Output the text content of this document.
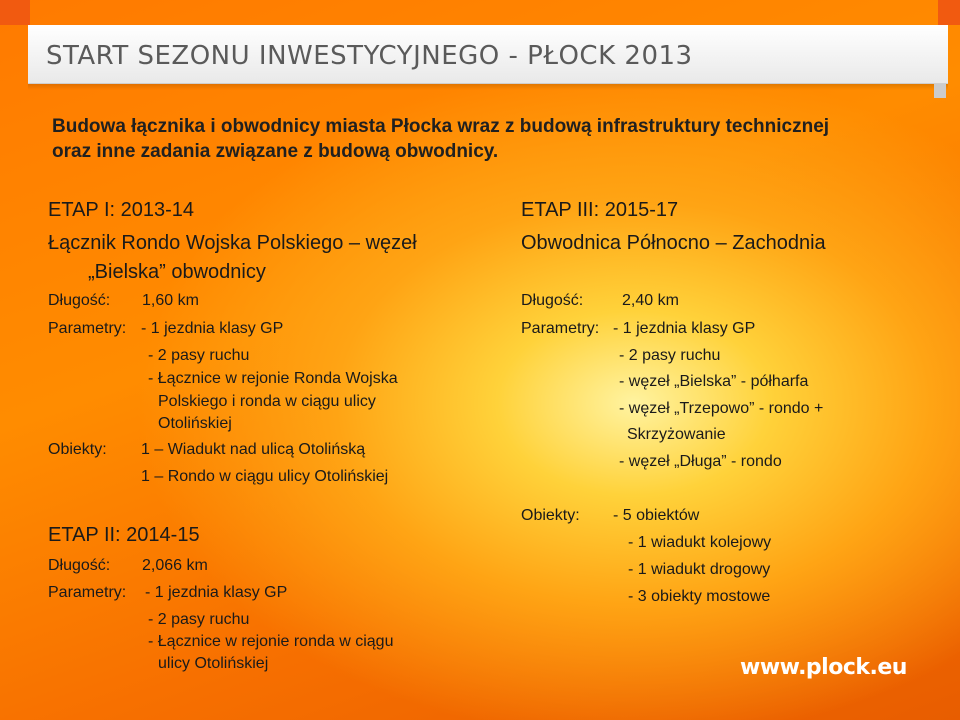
START SEZONU INWESTYCYJNEGO - PŁOCK 2013

Budowa łącznika i obwodnicy miasta Płocka wraz z budową infrastruktury technicznej
oraz inne zadania związane z budową obwodnicy.

ETAP I: 2013-14
Łącznik Rondo Wojska Polskiego – węzeł
„Bielska” obwodnicy
Długość: 1,60 km
Parametry: - 1 jezdnia klasy GP
- 2 pasy ruchu
- Łącznice w rejonie Ronda Wojska
Polskiego i ronda w ciągu ulicy
Otolińskiej
Obiekty: 1 – Wiadukt nad ulicą Otolińską
1 – Rondo w ciągu ulicy Otolińskiej
ETAP II: 2014-15
Długość: 2,066 km
Parametry: - 1 jezdnia klasy GP
- 2 pasy ruchu
- Łącznice w rejonie ronda w ciągu
ulicy Otolińskiej
ETAP III: 2015-17
Obwodnica Północno – Zachodnia
Długość: 2,40 km
Parametry: - 1 jezdnia klasy GP
- 2 pasy ruchu
- węzeł „Bielska” - półharfa
- węzeł „Trzepowo” - rondo +
Skrzyżowanie
- węzeł „Długa” - rondo
Obiekty: - 5 obiektów
- 1 wiadukt kolejowy
- 1 wiadukt drogowy
- 3 obiekty mostowe
www.plock.eu
